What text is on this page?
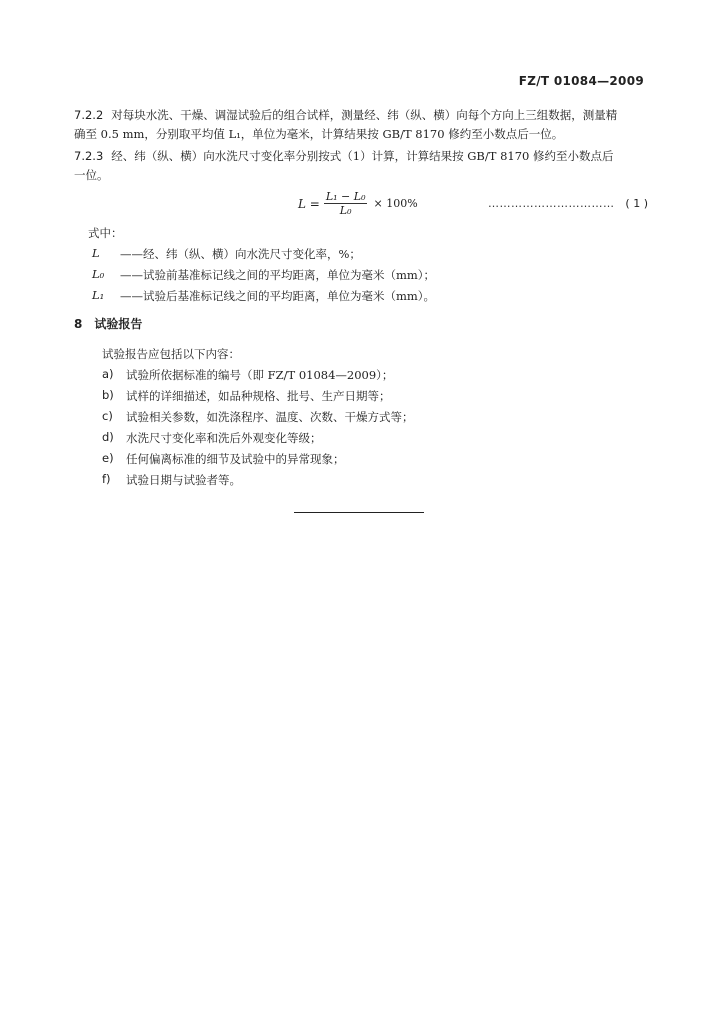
FZ/T 01084—2009
7.2.2 对每块水洗、干燥、调湿试验后的组合试样，测量经、纬（纵、横）向每个方向上三组数据，测量精
确至 0.5 mm，分别取平均值 L₁，单位为毫米，计算结果按 GB/T 8170 修约至小数点后一位。
7.2.3 经、纬（纵、横）向水洗尺寸变化率分别按式（1）计算，计算结果按 GB/T 8170 修约至小数点后
一位。
$L = \frac{\text{L₁ − L₀}}{\text{L₀}} \times 100\%$	…………………………… ( 1 )
式中：
L	——经、纬（纵、横）向水洗尺寸变化率，%；
L₀	——试验前基准标记线之间的平均距离，单位为毫米（mm）；
L₁	——试验后基准标记线之间的平均距离，单位为毫米（mm）。
8 试验报告
试验报告应包括以下内容：
a)	试验所依据标准的编号（即 FZ/T 01084—2009）；
b)	试样的详细描述，如品种规格、批号、生产日期等；
c)	试验相关参数，如洗涤程序、温度、次数、干燥方式等；
d)	水洗尺寸变化率和洗后外观变化等级；
e)	任何偏离标准的细节及试验中的异常现象；
f)	试验日期与试验者等。
